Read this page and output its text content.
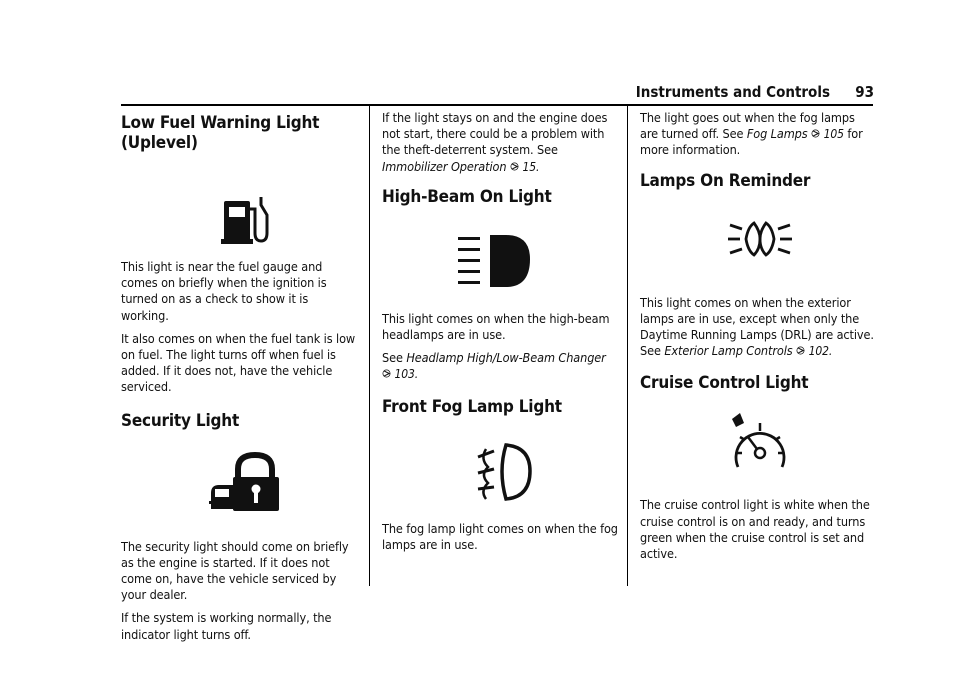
Instruments and Controls 93
Low Fuel Warning Light (Uplevel)

This light is near the fuel gauge and comes on briefly when the ignition is turned on as a check to show it is working.

It also comes on when the fuel tank is low on fuel. The light turns off when fuel is added. If it does not, have the vehicle serviced.

Security Light

The security light should come on briefly as the engine is started. If it does not come on, have the vehicle serviced by your dealer.

If the system is working normally, the indicator light turns off.

If the light stays on and the engine does not start, there could be a problem with the theft-deterrent system. See Immobilizer Operation 15.

High-Beam On Light

This light comes on when the high-beam headlamps are in use.

See Headlamp High/Low-Beam Changer
103.

Front Fog Lamp Light

The fog lamp light comes on when the fog lamps are in use.

The light goes out when the fog lamps are turned off. See Fog Lamps 105 for more information.

Lamps On Reminder

This light comes on when the exterior lamps are in use, except when only the Daytime Running Lamps (DRL) are active. See Exterior Lamp Controls 102.

Cruise Control Light

The cruise control light is white when the cruise control is on and ready, and turns green when the cruise control is set and active.
